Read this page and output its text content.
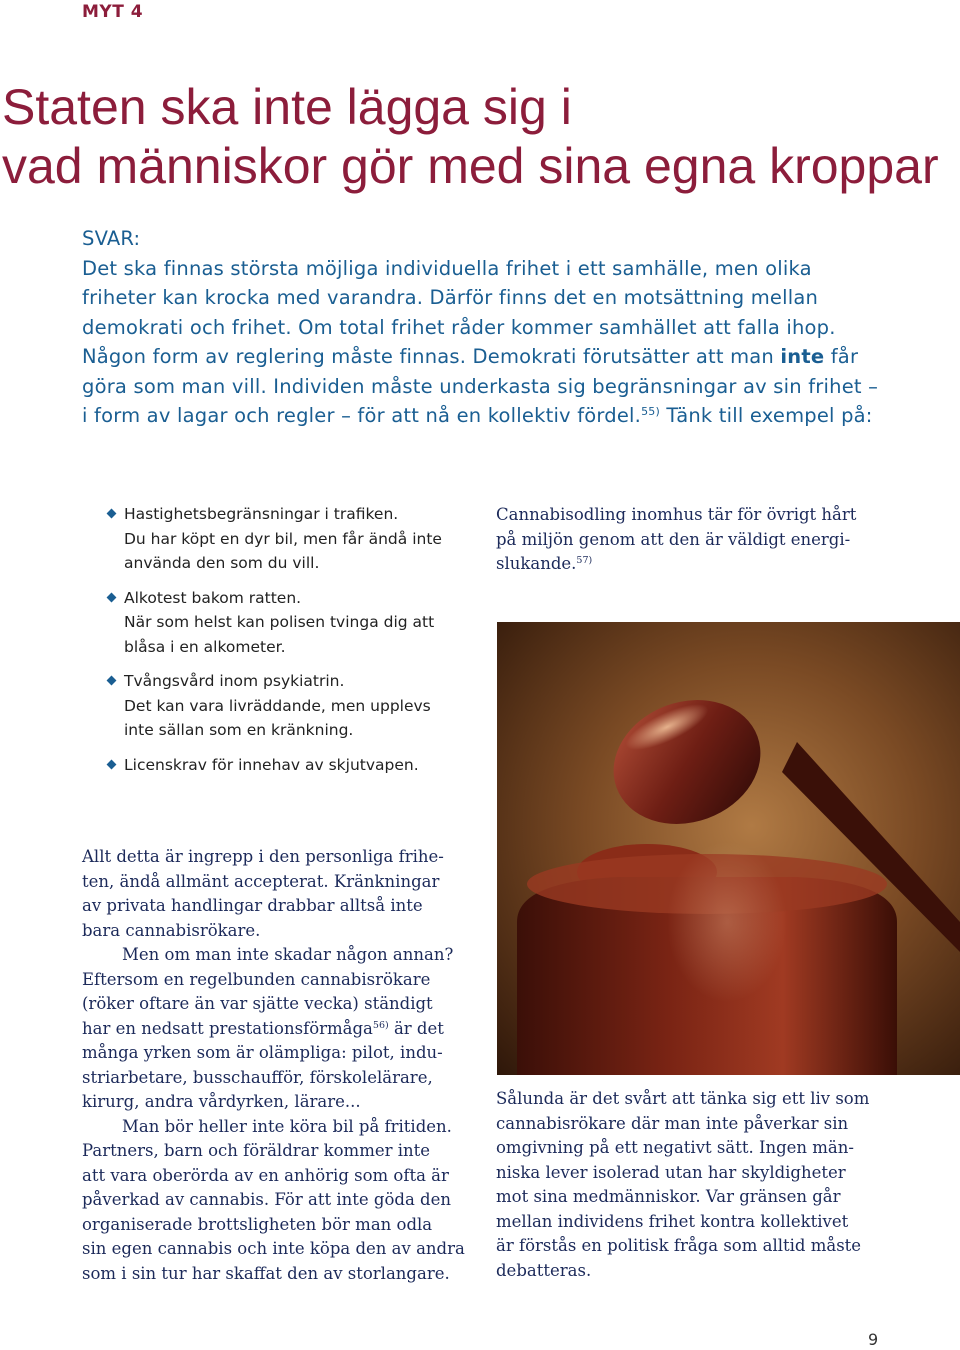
MYT 4
Staten ska inte lägga sig i
vad människor gör med sina egna kroppar
SVAR:
Det ska finnas största möjliga individuella frihet i ett samhälle, men olika
friheter kan krocka med varandra. Därför finns det en motsättning mellan
demokrati och frihet. Om total frihet råder kommer samhället att falla ihop.
Någon form av reglering måste finnas. Demokrati förutsätter att man inte får
göra som man vill. Individen måste underkasta sig begränsningar av sin frihet –
i form av lagar och regler – för att nå en kollektiv fördel.$^{55)}$ Tänk till exempel på:
Hastighetsbegränsningar i trafiken.
Du har köpt en dyr bil, men får ändå inte
använda den som du vill.
Alkotest bakom ratten.
När som helst kan polisen tvinga dig att
blåsa i en alkometer.
Tvångsvård inom psykiatrin.
Det kan vara livräddande, men upplevs
inte sällan som en kränkning.
Licenskrav för innehav av skjutvapen.
Cannabisodling inomhus tär för övrigt hårt
på miljön genom att den är väldigt energi-
slukande.$^{57)}$
Allt detta är ingrepp i den personliga frihe-
ten, ändå allmänt accepterat. Kränkningar
av privata handlingar drabbar alltså inte
bara cannabisrökare.
Men om man inte skadar någon annan?
Eftersom en regelbunden cannabisrökare
(röker oftare än var sjätte vecka) ständigt
har en nedsatt prestationsförmåga$^{56)}$ är det
många yrken som är olämpliga: pilot, indu-
striarbetare, busschaufför, förskolelärare,
kirurg, andra vårdyrken, lärare...
Man bör heller inte köra bil på fritiden.
Partners, barn och föräldrar kommer inte
att vara oberörda av en anhörig som ofta är
påverkad av cannabis. För att inte göda den
organiserade brottsligheten bör man odla
sin egen cannabis och inte köpa den av andra
som i sin tur har skaffat den av storlangare.
Sålunda är det svårt att tänka sig ett liv som
cannabisrökare där man inte påverkar sin
omgivning på ett negativt sätt. Ingen män-
niska lever isolerad utan har skyldigheter
mot sina medmänniskor. Var gränsen går
mellan individens frihet kontra kollektivet
är förstås en politisk fråga som alltid måste
debatteras.
9
